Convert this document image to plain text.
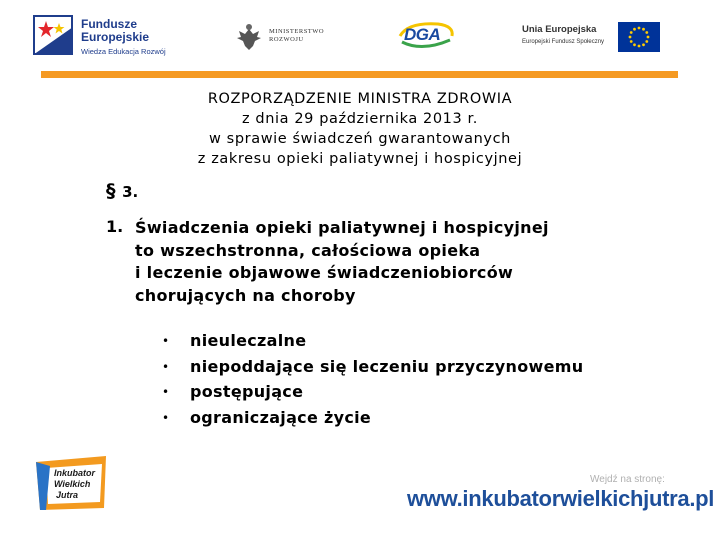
Fundusze
Europejskie
Wiedza Edukacja Rozwój
MINISTERSTWO
ROZWOJU	DGA	Unia Europejska
Europejski Fundusz Społeczny
ROZPORZĄDZENIE MINISTRA ZDROWIA
z dnia 29 października 2013 r.
w sprawie świadczeń gwarantowanych
z zakresu opieki paliatywnej i hospicyjnej
§ 3.
1. Świadczenia opieki paliatywnej i hospicyjnej
to wszechstronna, całościowa opieka
i leczenie objawowe świadczeniobiorców
chorujących na choroby
• nieuleczalne
• niepoddające się leczeniu przyczynowemu
• postępujące
• ograniczające życie
Inkubator
Wielkich
Jutra
Wejdź na stronę:
www.inkubatorwielkichjutra.pl
